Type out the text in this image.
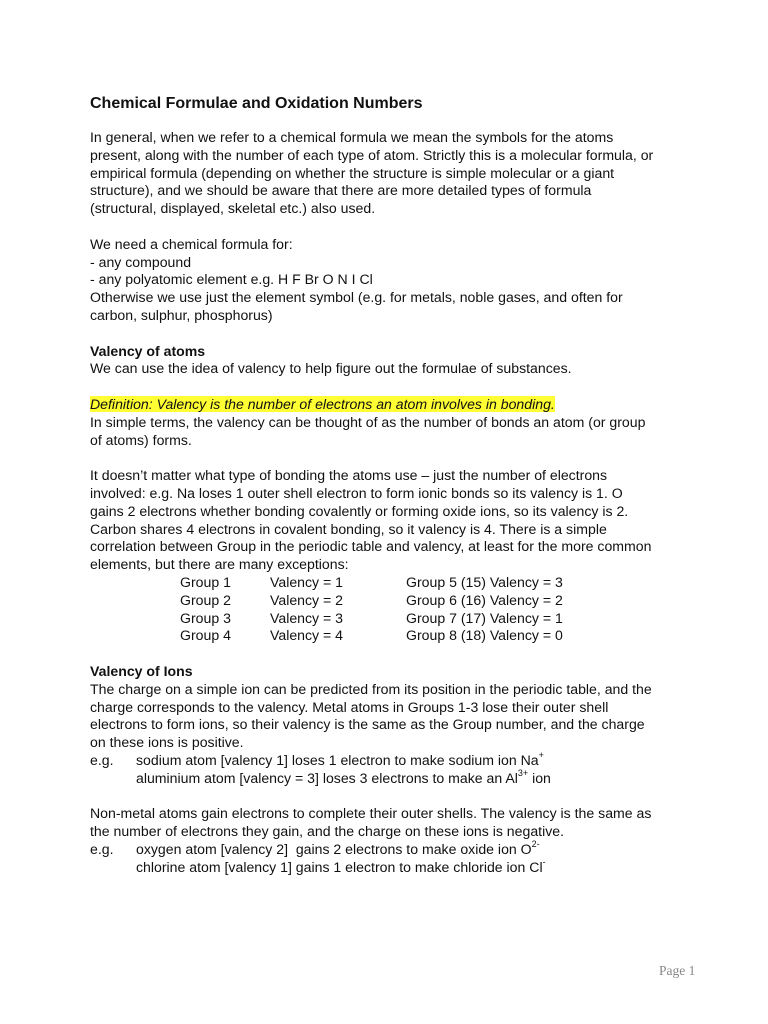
Chemical Formulae and Oxidation Numbers

In general, when we refer to a chemical formula we mean the symbols for the atoms

present, along with the number of each type of atom. Strictly this is a molecular formula, or

empirical formula (depending on whether the structure is simple molecular or a giant

structure), and we should be aware that there are more detailed types of formula

(structural, displayed, skeletal etc.) also used.

We need a chemical formula for:

- any compound

- any polyatomic element e.g. H F Br O N I Cl

Otherwise we use just the element symbol (e.g. for metals, noble gases, and often for

carbon, sulphur, phosphorus)

Valency of atoms

We can use the idea of valency to help figure out the formulae of substances.

Definition: Valency is the number of electrons an atom involves in bonding.

In simple terms, the valency can be thought of as the number of bonds an atom (or group

of atoms) forms.

It doesn’t matter what type of bonding the atoms use – just the number of electrons

involved: e.g. Na loses 1 outer shell electron to form ionic bonds so its valency is 1. O

gains 2 electrons whether bonding covalently or forming oxide ions, so its valency is 2.

Carbon shares 4 electrons in covalent bonding, so it valency is 4. There is a simple

correlation between Group in the periodic table and valency, at least for the more common

elements, but there are many exceptions:

Group 1	Valency = 1	Group 5 (15) Valency = 3
Group 2	Valency = 2	Group 6 (16) Valency = 2
Group 3	Valency = 3	Group 7 (17) Valency = 1
Group 4	Valency = 4	Group 8 (18) Valency = 0

Valency of Ions

The charge on a simple ion can be predicted from its position in the periodic table, and the

charge corresponds to the valency. Metal atoms in Groups 1-3 lose their outer shell

electrons to form ions, so their valency is the same as the Group number, and the charge

on these ions is positive.

e.g.	sodium atom [valency 1] loses 1 electron to make sodium ion Na+
aluminium atom [valency = 3] loses 3 electrons to make an $Al^{3+}$ ion

Non-metal atoms gain electrons to complete their outer shells. The valency is the same as

the number of electrons they gain, and the charge on these ions is negative.

e.g.	oxygen atom [valency 2]  gains 2 electrons to make oxide ion $O^{2-}$
chlorine atom [valency 1] gains 1 electron to make chloride ion Cl-
Page 1
